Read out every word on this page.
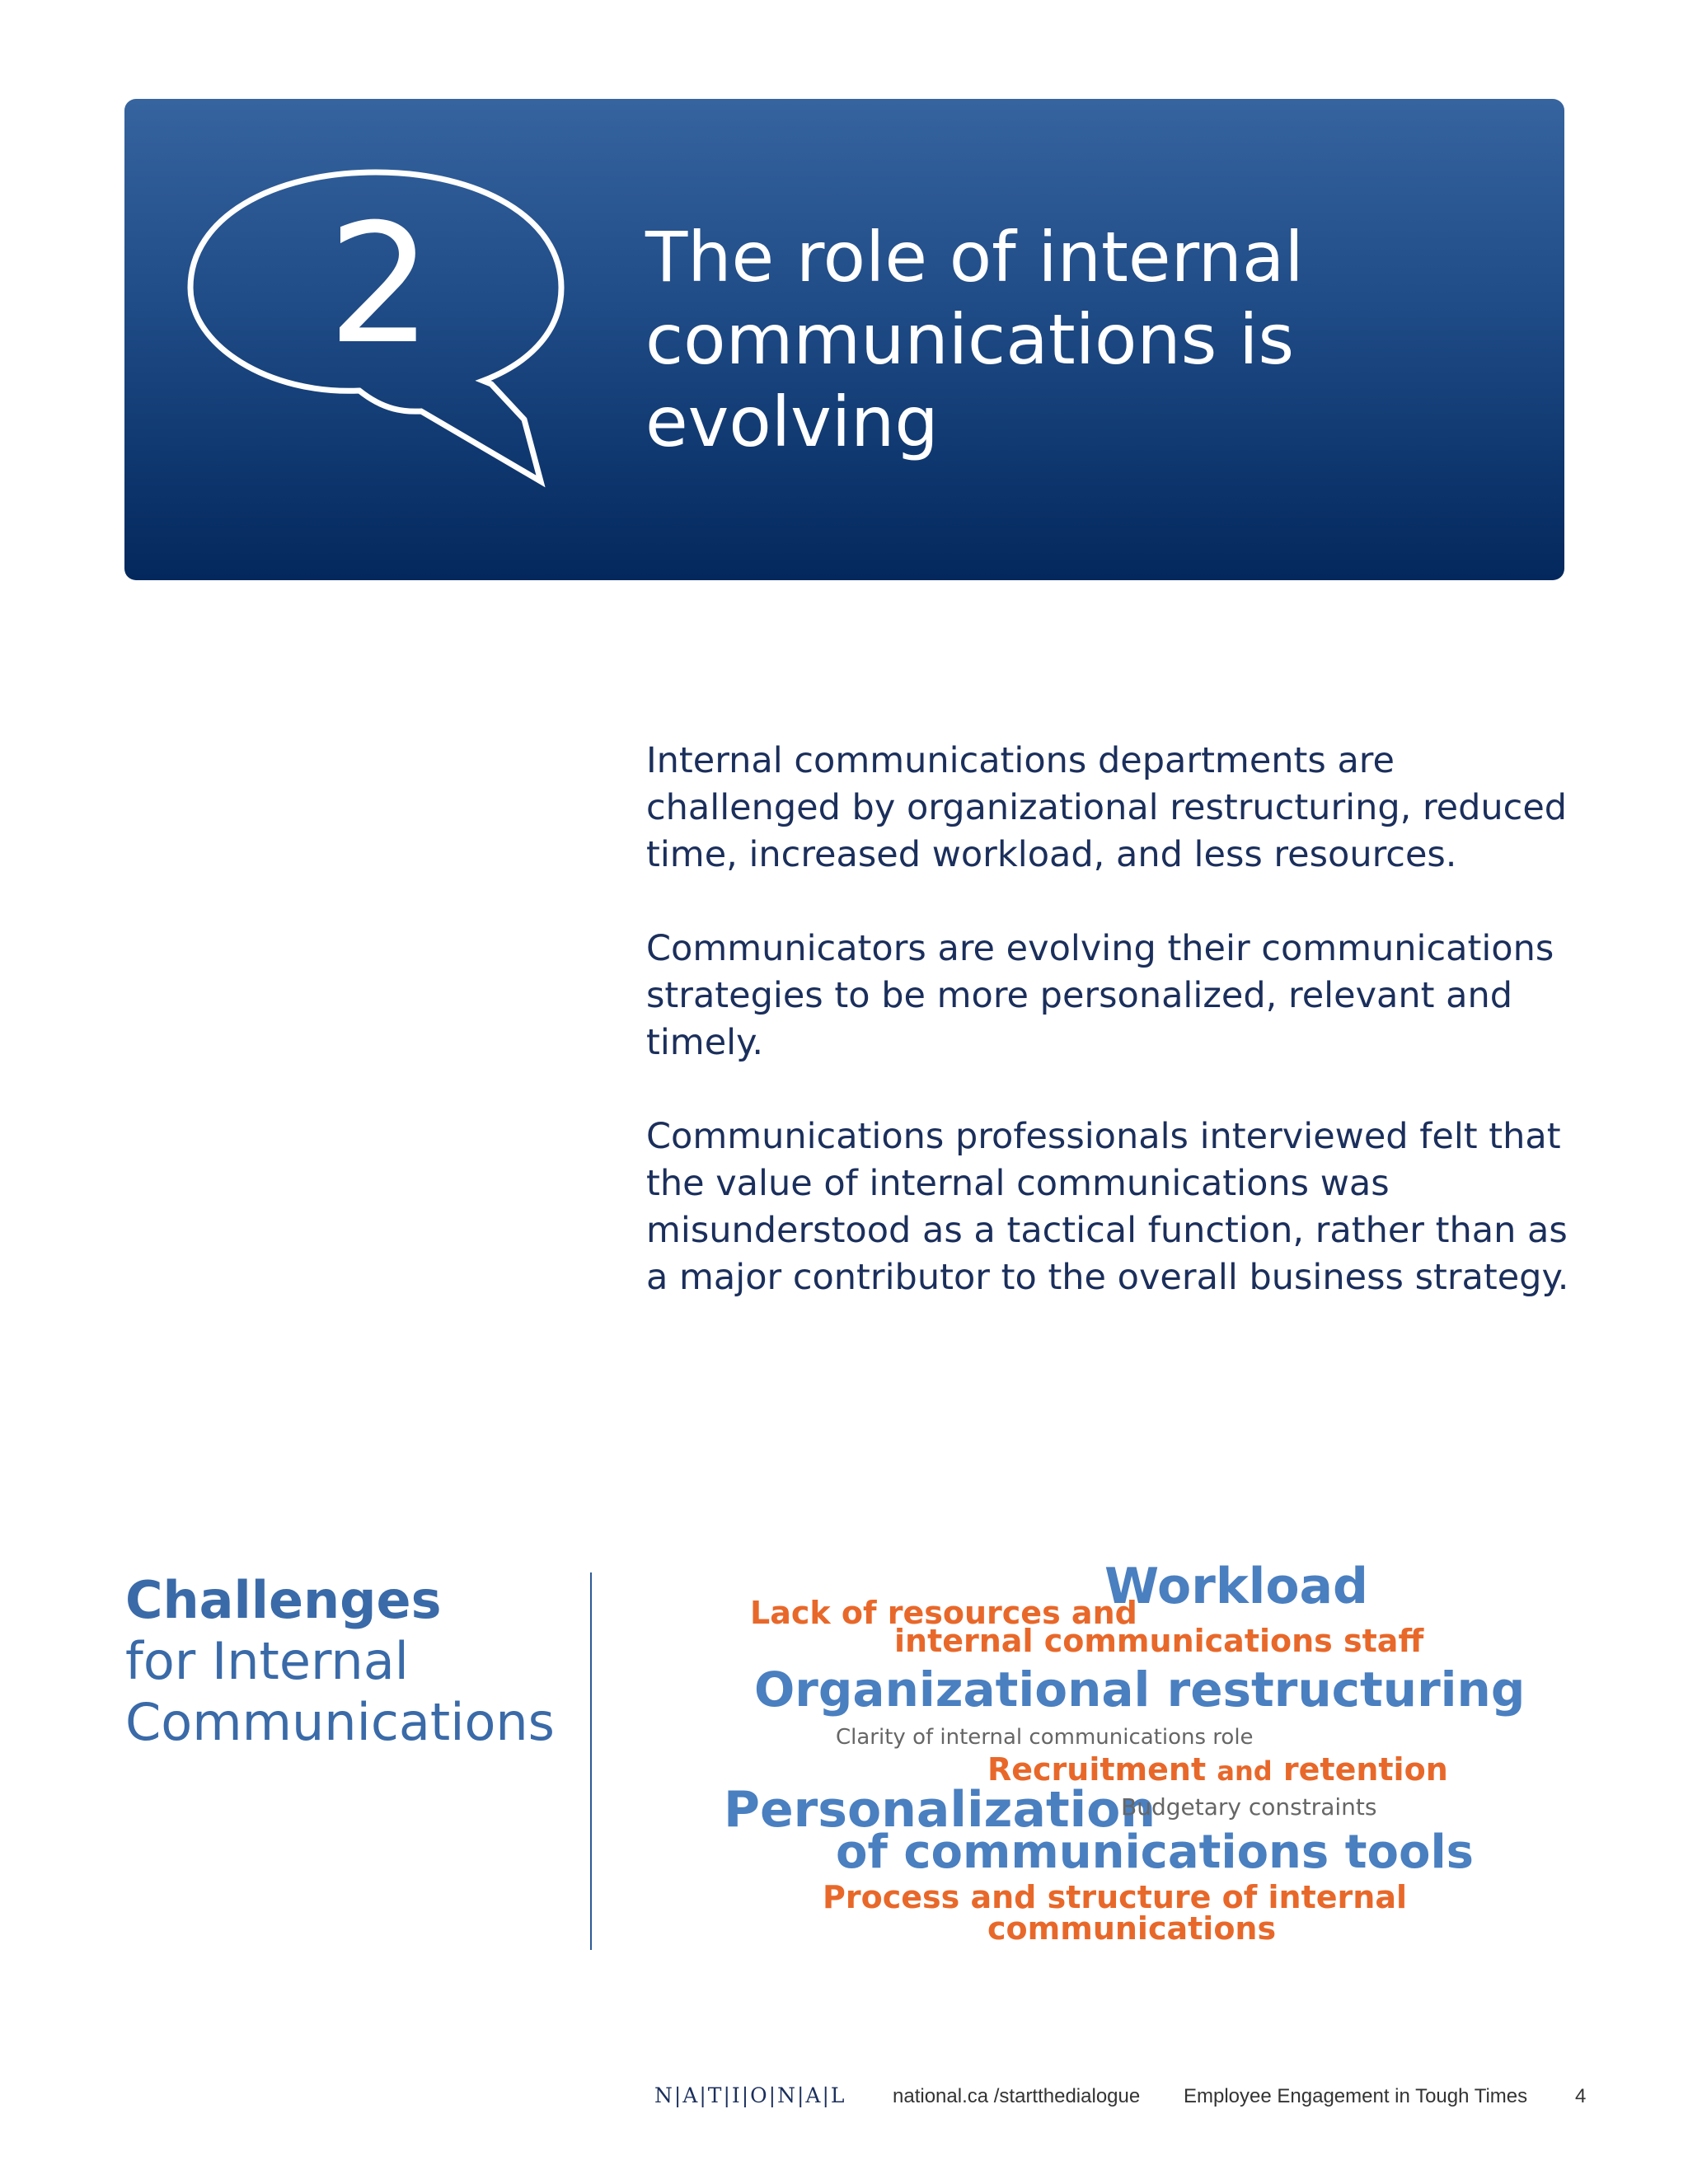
2	The role of internal
communications is
evolving

Internal communications departments are challenged by organizational restructuring, reduced time, increased workload, and less resources.

Communicators are evolving their communications strategies to be more personalized, relevant and timely.

Communications professionals interviewed felt that the value of internal communications was misunderstood as a tactical function, rather than as a major contributor to the overall business strategy.

Challenges
for Internal
Communications
Workload
Lack of resources and
internal communications staff
Organizational restructuring
Clarity of internal communications role
Recruitment and retention
Personalization
Budgetary constraints
of communications tools
Process and structure of internal
communications
N|A|T|I|O|N|A|L national.ca /startthedialogue Employee Engagement in Tough Times 4
